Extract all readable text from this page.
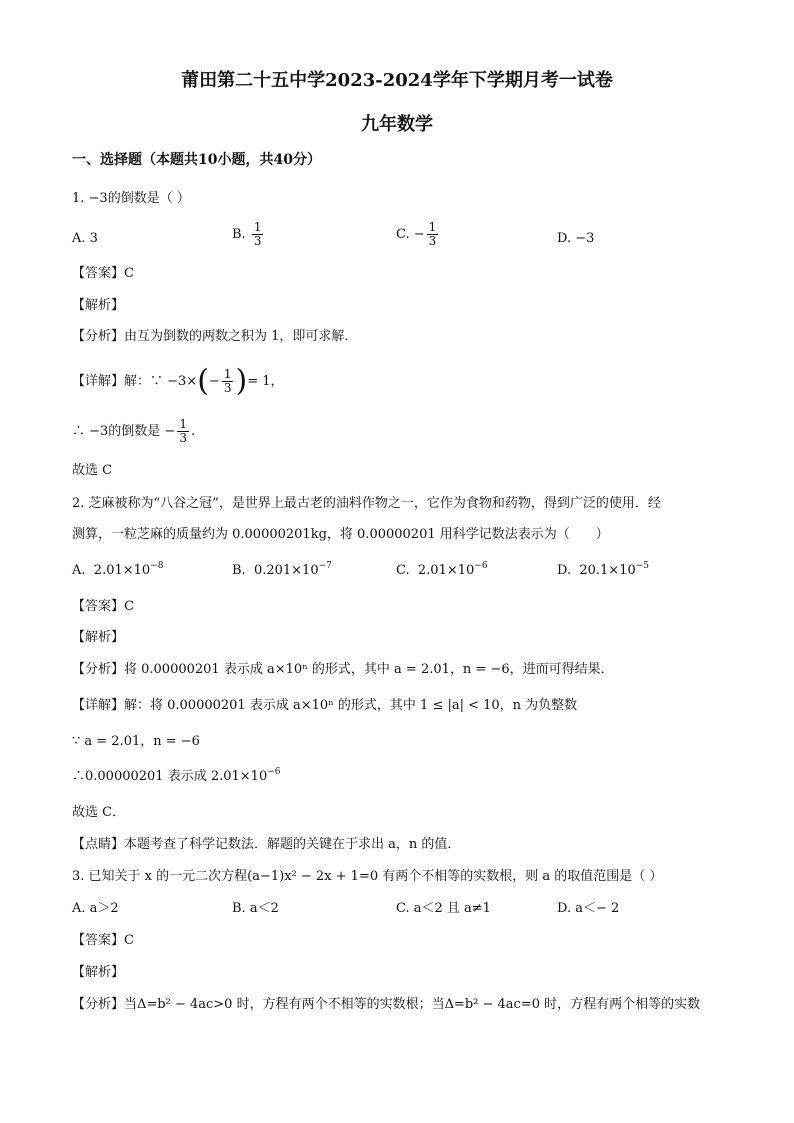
莆田第二十五中学2023-2024学年下学期月考一试卷
九年数学
一、选择题（本题共10小题，共40分）
1. −3的倒数是（ ）
A. 3	B. $\frac{1}{3}$	C. − $\frac{1}{3}$	D. −3
【答案】C
【解析】
【分析】由互为倒数的两数之积为 1，即可求解．
【详解】解：∵ $-3\times(- \frac{1}{3}$ )= 1，
∴ −3的倒数是 − $\frac{1}{3}$ .
故选 C
2. 芝麻被称为“八谷之冠”，是世界上最古老的油料作物之一，它作为食物和药物，得到广泛的使用．经
测算，一粒芝麻的质量约为 0.00000201kg，将 0.00000201 用科学记数法表示为（　　）
A. $2.01\times 10^{-8}$	B. $0.201\times 10^{-7}$	C. $2.01\times 10^{-6}$	D. $20.1\times 10^{-5}$
【答案】C
【解析】
【分析】将 0.00000201 表示成 a×10ⁿ 的形式，其中 a = 2.01，n = −6，进而可得结果．
【详解】解：将 0.00000201 表示成 a×10ⁿ 的形式，其中 1 ≤ |a| < 10，n 为负整数
∵ a = 2.01，n = −6
∴0.00000201 表示成 $2.01\times 10^{-6}$
故选 C．
【点睛】本题考查了科学记数法．解题的关键在于求出 a，n 的值．
3. 已知关于 x 的一元二次方程(a−1)x² − 2x + 1=0 有两个不相等的实数根，则 a 的取值范围是（ ）
A. a＞2	B. a＜2	C. a＜2 且 a≠1	D. a＜− 2
【答案】C
【解析】
【分析】当Δ=b² − 4ac>0 时，方程有两个不相等的实数根；当Δ=b² − 4ac=0 时，方程有两个相等的实数
